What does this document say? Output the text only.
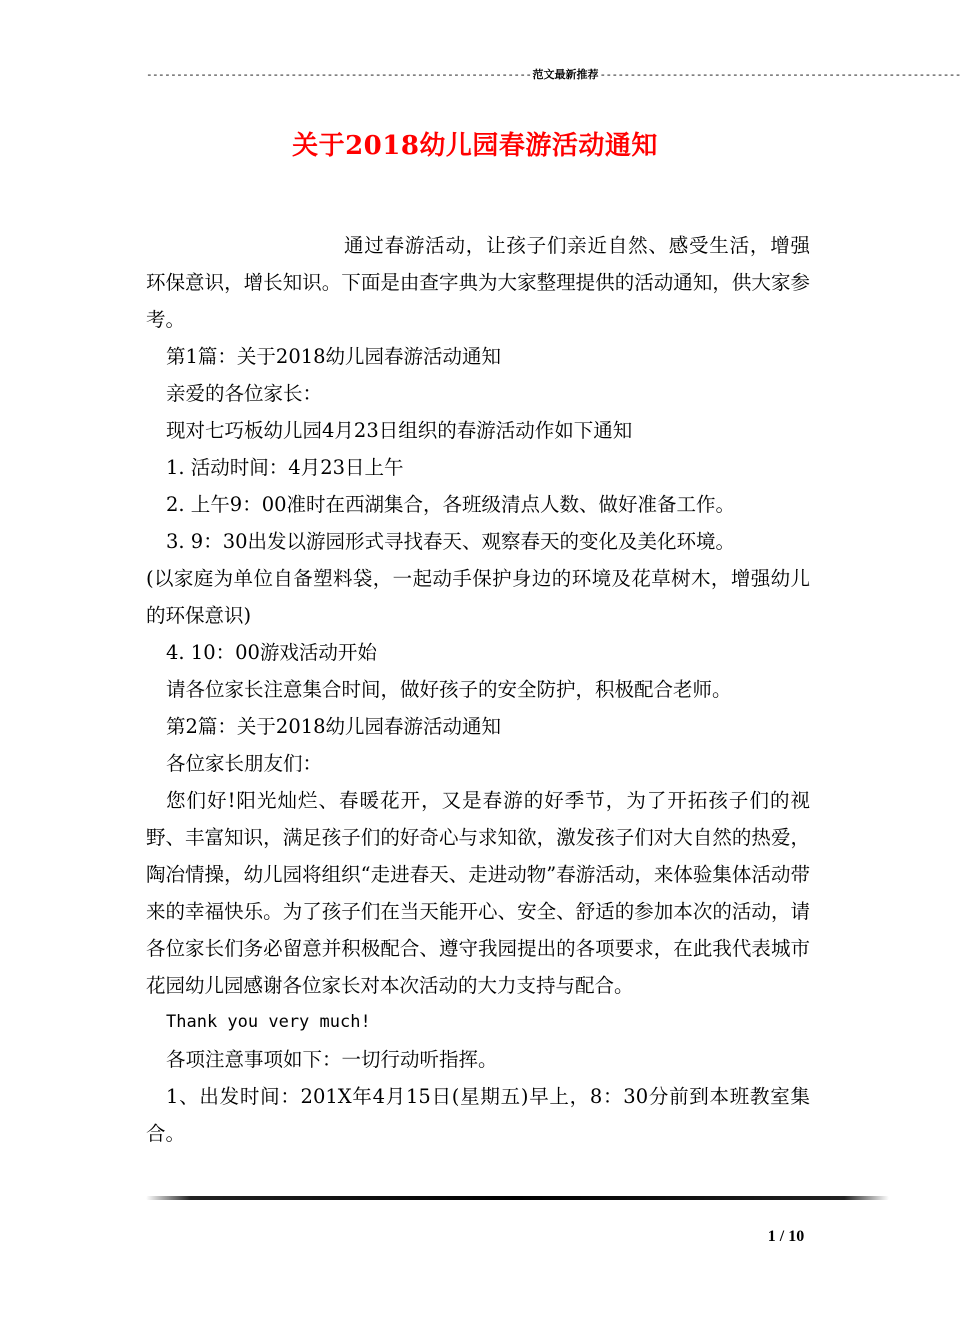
----------------------------------------------------------------范文最新推荐------------------------------------------------------------
关于2018幼儿园春游活动通知

通过春游活动，让孩子们亲近自然、感受生活，增强环保意识，增长知识。下面是由查字典为大家整理提供的活动通知，供大家参考。

第1篇：关于2018幼儿园春游活动通知

亲爱的各位家长：

现对七巧板幼儿园4月23日组织的春游活动作如下通知

1. 活动时间：4月23日上午

2. 上午9：00准时在西湖集合，各班级清点人数、做好准备工作。

3. 9：30出发以游园形式寻找春天、观察春天的变化及美化环境。

(以家庭为单位自备塑料袋，一起动手保护身边的环境及花草树木，增强幼儿的环保意识)

4. 10：00游戏活动开始

请各位家长注意集合时间，做好孩子的安全防护，积极配合老师。

第2篇：关于2018幼儿园春游活动通知

各位家长朋友们：

您们好!阳光灿烂、春暖花开，又是春游的好季节，为了开拓孩子们的视野、丰富知识，满足孩子们的好奇心与求知欲，激发孩子们对大自然的热爱，陶冶情操，幼儿园将组织“走进春天、走进动物”春游活动，来体验集体活动带来的幸福快乐。为了孩子们在当天能开心、安全、舒适的参加本次的活动，请各位家长们务必留意并积极配合、遵守我园提出的各项要求，在此我代表城市花园幼儿园感谢各位家长对本次活动的大力支持与配合。

Thank you very much!

各项注意事项如下：一切行动听指挥。

1、出发时间：201X年4月15日(星期五)早上，8：30分前到本班教室集合。

1 / 10
